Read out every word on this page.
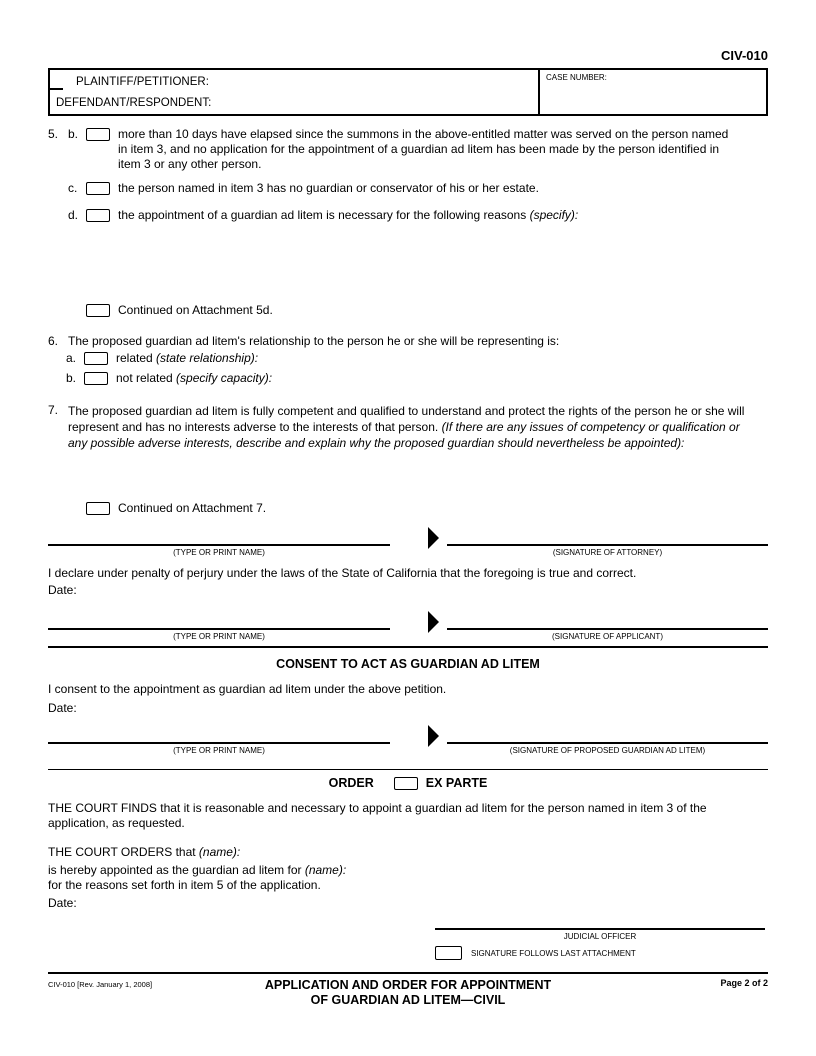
CIV-010
PLAINTIFF/PETITIONER:
DEFENDANT/RESPONDENT:
CASE NUMBER:
5. b.	more than 10 days have elapsed since the summons in the above-entitled matter was served on the person named
in item 3, and no application for the appointment of a guardian ad litem has been made by the person identified in
item 3 or any other person.
c.	the person named in item 3 has no guardian or conservator of his or her estate.
d.	the appointment of a guardian ad litem is necessary for the following reasons (specify):
Continued on Attachment 5d.
6. The proposed guardian ad litem's relationship to the person he or she will be representing is:
a.	related (state relationship):
b.	not related (specify capacity):
7. The proposed guardian ad litem is fully competent and qualified to understand and protect the rights of the person he or she will
represent and has no interests adverse to the interests of that person. (If there are any issues of competency or qualification or
any possible adverse interests, describe and explain why the proposed guardian should nevertheless be appointed):
Continued on Attachment 7.
(TYPE OR PRINT NAME)	(SIGNATURE OF ATTORNEY)
I declare under penalty of perjury under the laws of the State of California that the foregoing is true and correct.
Date:
(TYPE OR PRINT NAME)	(SIGNATURE OF APPLICANT)
CONSENT TO ACT AS GUARDIAN AD LITEM
I consent to the appointment as guardian ad litem under the above petition.
Date:
(TYPE OR PRINT NAME)	(SIGNATURE OF PROPOSED GUARDIAN AD LITEM)
ORDER	EX PARTE
THE COURT FINDS that it is reasonable and necessary to appoint a guardian ad litem for the person named in item 3 of the
application, as requested.
THE COURT ORDERS that (name):
is hereby appointed as the guardian ad litem for (name):
for the reasons set forth in item 5 of the application.
Date:
JUDICIAL OFFICER
SIGNATURE FOLLOWS LAST ATTACHMENT
CIV-010 [Rev. January 1, 2008]	APPLICATION AND ORDER FOR APPOINTMENT
OF GUARDIAN AD LITEM—CIVIL
Page 2 of 2
